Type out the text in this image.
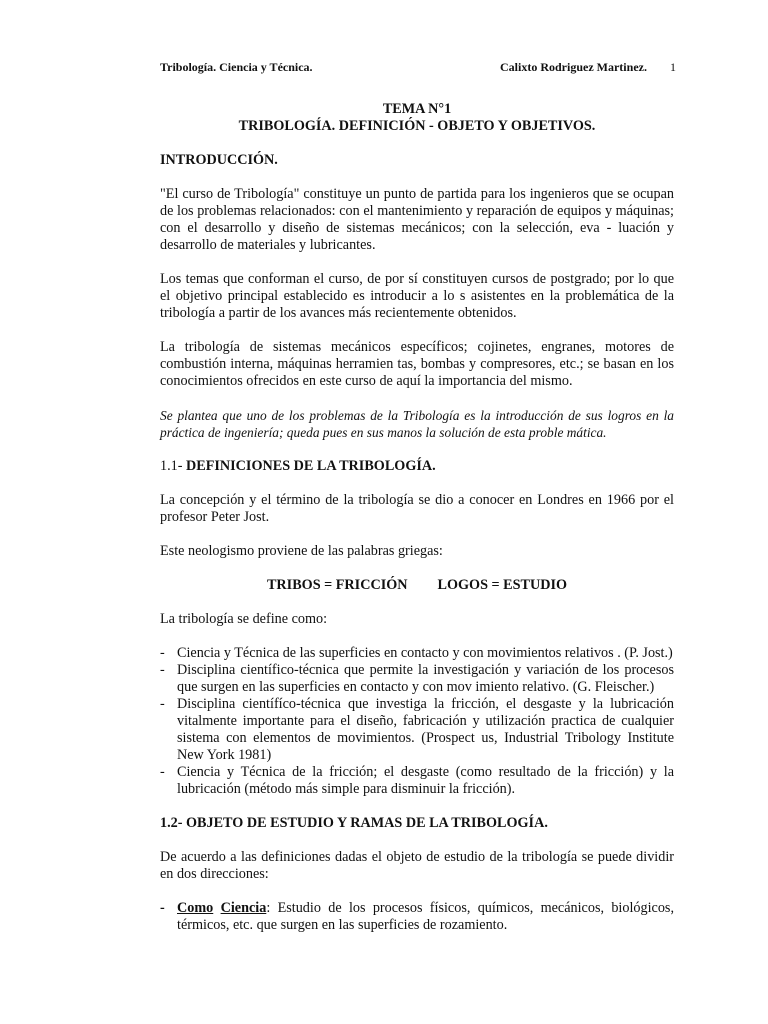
Tribología. Ciencia y Técnica.	Calixto Rodriguez Martinez. 1
TEMA N°1
TRIBOLOGÍA. DEFINICIÓN - OBJETO Y OBJETIVOS.
INTRODUCCIÓN.

"El curso de Tribología" constituye un punto de partida para los ingenieros que se ocupan de los problemas relacionados: con el mantenimiento y reparación de equipos y máquinas; con el desarrollo y diseño de sistemas mecánicos; con la selección, eva - luación y desarrollo de materiales y lubricantes.

Los temas que conforman el curso, de por sí constituyen cursos de postgrado; por lo que el objetivo principal establecido es introducir a lo s asistentes en la problemática de la tribología a partir de los avances más recientemente obtenidos.

La tribología de sistemas mecánicos específicos; cojinetes, engranes, motores de combustión interna, máquinas herramien tas, bombas y compresores, etc.; se basan en los conocimientos ofrecidos en este curso de aquí la importancia del mismo.

Se plantea que uno de los problemas de la Tribología es la introducción de sus logros en la práctica de ingeniería; queda pues en sus manos la solución de esta proble mática.

1.1- DEFINICIONES DE LA TRIBOLOGÍA.

La concepción y el término de la tribología se dio a conocer en Londres en 1966 por el profesor Peter Jost.

Este neologismo proviene de las palabras griegas:

TRIBOS = FRICCIÓN LOGOS = ESTUDIO

La tribología se define como:

- Ciencia y Técnica de las superficies en contacto y con movimientos relativos . (P. Jost.)
- Disciplina científico-técnica que permite la investigación y variación de los procesos que surgen en las superficies en contacto y con mov imiento relativo. (G. Fleischer.)
- Disciplina científíco-técnica que investiga la fricción, el desgaste y la lubricación vitalmente importante para el diseño, fabricación y utilización practica de cualquier sistema con elementos de movimientos. (Prospect us, Industrial Tribology Institute New York 1981)
- Ciencia y Técnica de la fricción; el desgaste (como resultado de la fricción) y la lubricación (método más simple para disminuir la fricción).
1.2- OBJETO DE ESTUDIO Y RAMAS DE LA TRIBOLOGÍA.

De acuerdo a las definiciones dadas el objeto de estudio de la tribología se puede dividir en dos direcciones:

- Como Ciencia: Estudio de los procesos físicos, químicos, mecánicos, biológicos, térmicos, etc. que surgen en las superficies de rozamiento.
